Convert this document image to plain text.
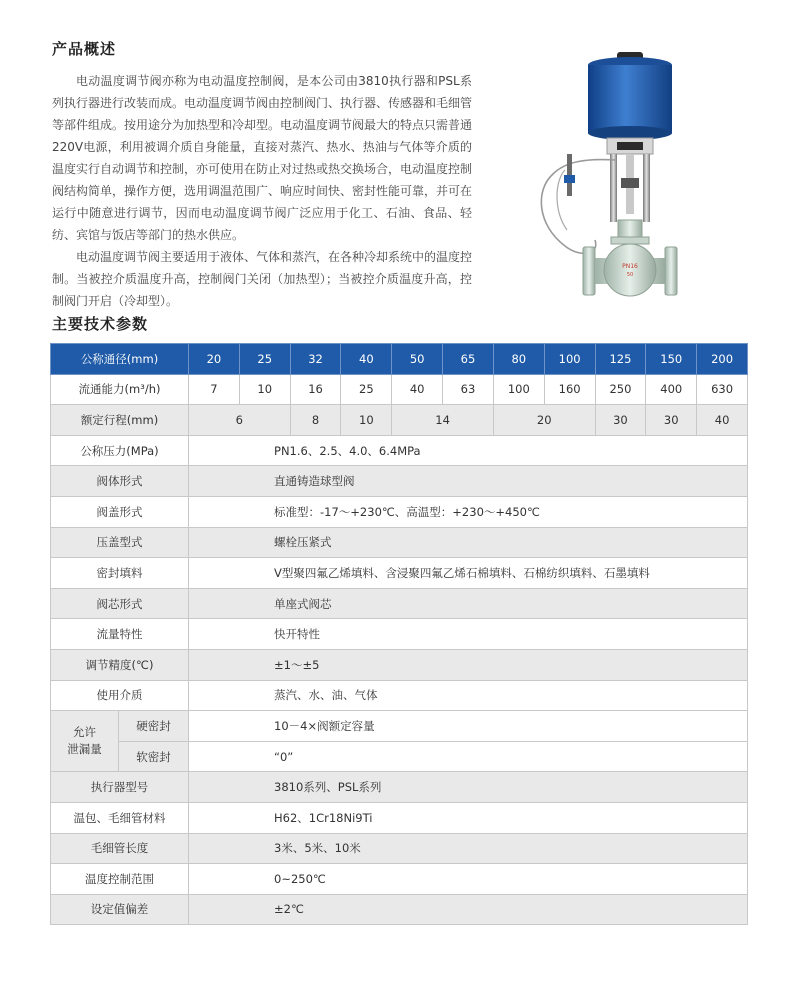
产品概述

电动温度调节阀亦称为电动温度控制阀，是本公司由3810执行器和PSL系列执行器进行改装而成。电动温度调节阀由控制阀门、执行器、传感器和毛细管等部件组成。按用途分为加热型和冷却型。电动温度调节阀最大的特点只需普通220V电源，利用被调介质自身能量，直接对蒸汽、热水、热油与气体等介质的温度实行自动调节和控制，亦可使用在防止对过热或热交换场合，电动温度控制阀结构简单，操作方便，选用调温范围广、响应时间快、密封性能可靠，并可在运行中随意进行调节，因而电动温度调节阀广泛应用于化工、石油、食品、轻纺、宾馆与饭店等部门的热水供应。

电动温度调节阀主要适用于液体、气体和蒸汽，在各种冷却系统中的温度控制。当被控介质温度升高，控制阀门关闭（加热型）；当被控介质温度升高，控制阀门开启（冷却型）。

PN16
50
主要技术参数
公称通径(mm)		20	25	32	40	50	65	80	100	125	150	200
流通能力(m³/h)		7	10	16	25	40	63	100	160	250	400	630
额定行程(mm)		6		8	10	14		20		30	30	40
公称压力(MPa)		PN1.6、2.5、4.0、6.4MPa										
阀体形式		直通铸造球型阀										
阀盖形式		标准型：-17～+230℃、高温型：+230～+450℃										
压盖型式		螺栓压紧式										
密封填料		V型聚四氟乙烯填料、含浸聚四氟乙烯石棉填料、石棉纺织填料、石墨填料										
阀芯形式		单座式阀芯										
流量特性		快开特性										
调节精度(℃)		±1～±5										
使用介质		蒸汽、水、油、气体										
允许
泄漏量	硬密封	10－4×阀额定容量										
	软密封	“0”										
执行器型号		3810系列、PSL系列										
温包、毛细管材料		H62、1Cr18Ni9Ti										
毛细管长度		3米、5米、10米										
温度控制范围		0~250℃										
设定值偏差		±2℃										
